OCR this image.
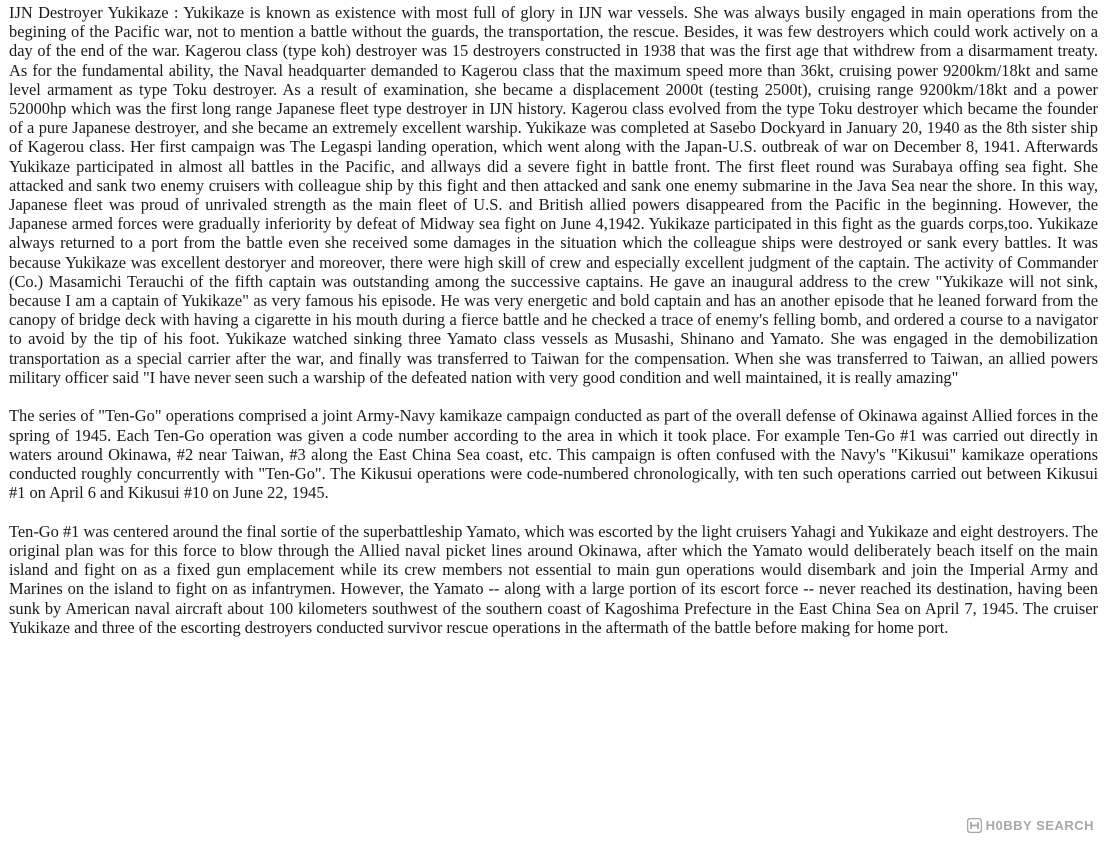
IJN Destroyer Yukikaze : Yukikaze is known as existence with most full of glory in IJN war vessels. She was always busily engaged in main operations from the begining of the Pacific war, not to mention a battle without the guards, the transportation, the rescue. Besides, it was few destroyers which could work actively on a day of the end of the war. Kagerou class (type koh) destroyer was 15 destroyers constructed in 1938 that was the first age that withdrew from a disarmament treaty. As for the fundamental ability, the Naval headquarter demanded to Kagerou class that the maximum speed more than 36kt, cruising power 9200km/18kt and same level armament as type Toku destroyer. As a result of examination, she became a displacement 2000t (testing 2500t), cruising range 9200km/18kt and a power 52000hp which was the first long range Japanese fleet type destroyer in IJN history. Kagerou class evolved from the type Toku destroyer which became the founder of a pure Japanese destroyer, and she became an extremely excellent warship. Yukikaze was completed at Sasebo Dockyard in January 20, 1940 as the 8th sister ship of Kagerou class. Her first campaign was The Legaspi landing operation, which went along with the Japan-U.S. outbreak of war on December 8, 1941. Afterwards Yukikaze participated in almost all battles in the Pacific, and allways did a severe fight in battle front. The first fleet round was Surabaya offing sea fight. She attacked and sank two enemy cruisers with colleague ship by this fight and then attacked and sank one enemy submarine in the Java Sea near the shore. In this way, Japanese fleet was proud of unrivaled strength as the main fleet of U.S. and British allied powers disappeared from the Pacific in the beginning. However, the Japanese armed forces were gradually inferiority by defeat of Midway sea fight on June 4,1942. Yukikaze participated in this fight as the guards corps,too. Yukikaze always returned to a port from the battle even she received some damages in the situation which the colleague ships were destroyed or sank every battles. It was because Yukikaze was excellent destoryer and moreover, there were high skill of crew and especially excellent judgment of the captain. The activity of Commander (Co.) Masamichi Terauchi of the fifth captain was outstanding among the successive captains. He gave an inaugural address to the crew "Yukikaze will not sink, because I am a captain of Yukikaze" as very famous his episode. He was very energetic and bold captain and has an another episode that he leaned forward from the canopy of bridge deck with having a cigarette in his mouth during a fierce battle and he checked a trace of enemy's felling bomb, and ordered a course to a navigator to avoid by the tip of his foot. Yukikaze watched sinking three Yamato class vessels as Musashi, Shinano and Yamato. She was engaged in the demobilization transportation as a special carrier after the war, and finally was transferred to Taiwan for the compensation. When she was transferred to Taiwan, an allied powers military officer said "I have never seen such a warship of the defeated nation with very good condition and well maintained, it is really amazing"

The series of "Ten-Go" operations comprised a joint Army-Navy kamikaze campaign conducted as part of the overall defense of Okinawa against Allied forces in the spring of 1945. Each Ten-Go operation was given a code number according to the area in which it took place. For example Ten-Go #1 was carried out directly in waters around Okinawa, #2 near Taiwan, #3 along the East China Sea coast, etc. This campaign is often confused with the Navy's "Kikusui" kamikaze operations conducted roughly concurrently with "Ten-Go". The Kikusui operations were code-numbered chronologically, with ten such operations carried out between Kikusui #1 on April 6 and Kikusui #10 on June 22, 1945.

Ten-Go #1 was centered around the final sortie of the superbattleship Yamato, which was escorted by the light cruisers Yahagi and Yukikaze and eight destroyers. The original plan was for this force to blow through the Allied naval picket lines around Okinawa, after which the Yamato would deliberately beach itself on the main island and fight on as a fixed gun emplacement while its crew members not essential to main gun operations would disembark and join the Imperial Army and Marines on the island to fight on as infantrymen. However, the Yamato -- along with a large portion of its escort force -- never reached its destination, having been sunk by American naval aircraft about 100 kilometers southwest of the southern coast of Kagoshima Prefecture in the East China Sea on April 7, 1945. The cruiser Yukikaze and three of the escorting destroyers conducted survivor rescue operations in the aftermath of the battle before making for home port.

H0BBY SEARCH
